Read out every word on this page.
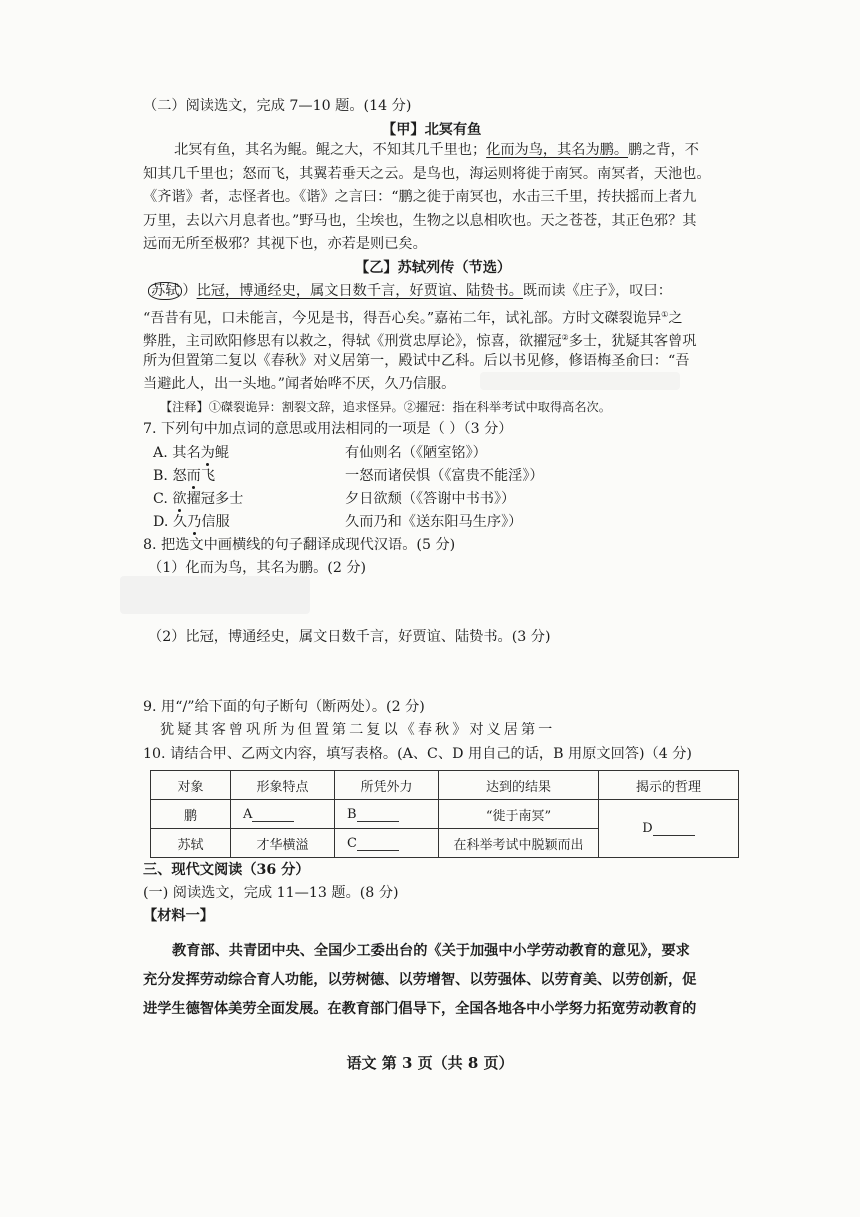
（二）阅读选文，完成 7—10 题。(14 分)
【甲】北冥有鱼
北冥有鱼，其名为鲲。鲲之大，不知其几千里也；化而为鸟，其名为鹏。鹏之背，不
知其几千里也；怒而飞，其翼若垂天之云。是鸟也，海运则将徙于南冥。南冥者，天池也。
《齐谐》者，志怪者也。《谐》之言曰：“鹏之徙于南冥也，水击三千里，抟扶摇而上者九
万里，去以六月息者也。”野马也，尘埃也，生物之以息相吹也。天之苍苍，其正色邪？其
远而无所至极邪？其视下也，亦若是则已矣。
【乙】苏轼列传（节选）
苏轼 ）比冠，博通经史，属文日数千言，好贾谊、陆贽书。既而读《庄子》，叹曰：
“吾昔有见，口未能言，今见是书，得吾心矣。”嘉祐二年，试礼部。方时文磔裂诡异①之
弊胜，主司欧阳修思有以救之，得轼《刑赏忠厚论》，惊喜，欲擢冠②多士，犹疑其客曾巩
所为但置第二复以《春秋》对义居第一，殿试中乙科。后以书见修，修语梅圣俞曰：“吾
当避此人，出一头地。”闻者始哗不厌，久乃信服。
【注释】①磔裂诡异：割裂文辞，追求怪异。②擢冠：指在科举考试中取得高名次。
7. 下列句中加点词的意思或用法相同的一项是（ ）（3 分）
A. 其名为鲲	有仙则名（《陋室铭》）
B. 怒而飞	一怒而诸侯惧（《富贵不能淫》）
C. 欲擢冠多士	夕日欲颓（《答谢中书书》）
D. 久乃信服	久而乃和《送东阳马生序》）
8. 把选文中画横线的句子翻译成现代汉语。(5 分)
（1）化而为鸟，其名为鹏。(2 分)
（2）比冠，博通经史，属文日数千言，好贾谊、陆贽书。(3 分)
9. 用“/”给下面的句子断句（断两处）。(2 分)
犹疑其客曾巩所为但置第二复以《春秋》对义居第一
10. 请结合甲、乙两文内容，填写表格。(A、C、D 用自己的话，B 用原文回答)（4 分)
对象	形象特点	所凭外力	达到的结果	揭示的哲理
鹏	A	B	“徙于南冥”	D
苏轼	才华横溢	C	在科举考试中脱颖而出	
三、现代文阅读（36 分）
(一) 阅读选文，完成 11—13 题。(8 分)
【材料一】
教育部、共青团中央、全国少工委出台的《关于加强中小学劳动教育的意见》，要求
充分发挥劳动综合育人功能，以劳树德、以劳增智、以劳强体、以劳育美、以劳创新，促
进学生德智体美劳全面发展。在教育部门倡导下，全国各地各中小学努力拓宽劳动教育的
语文 第 3 页（共 8 页）
